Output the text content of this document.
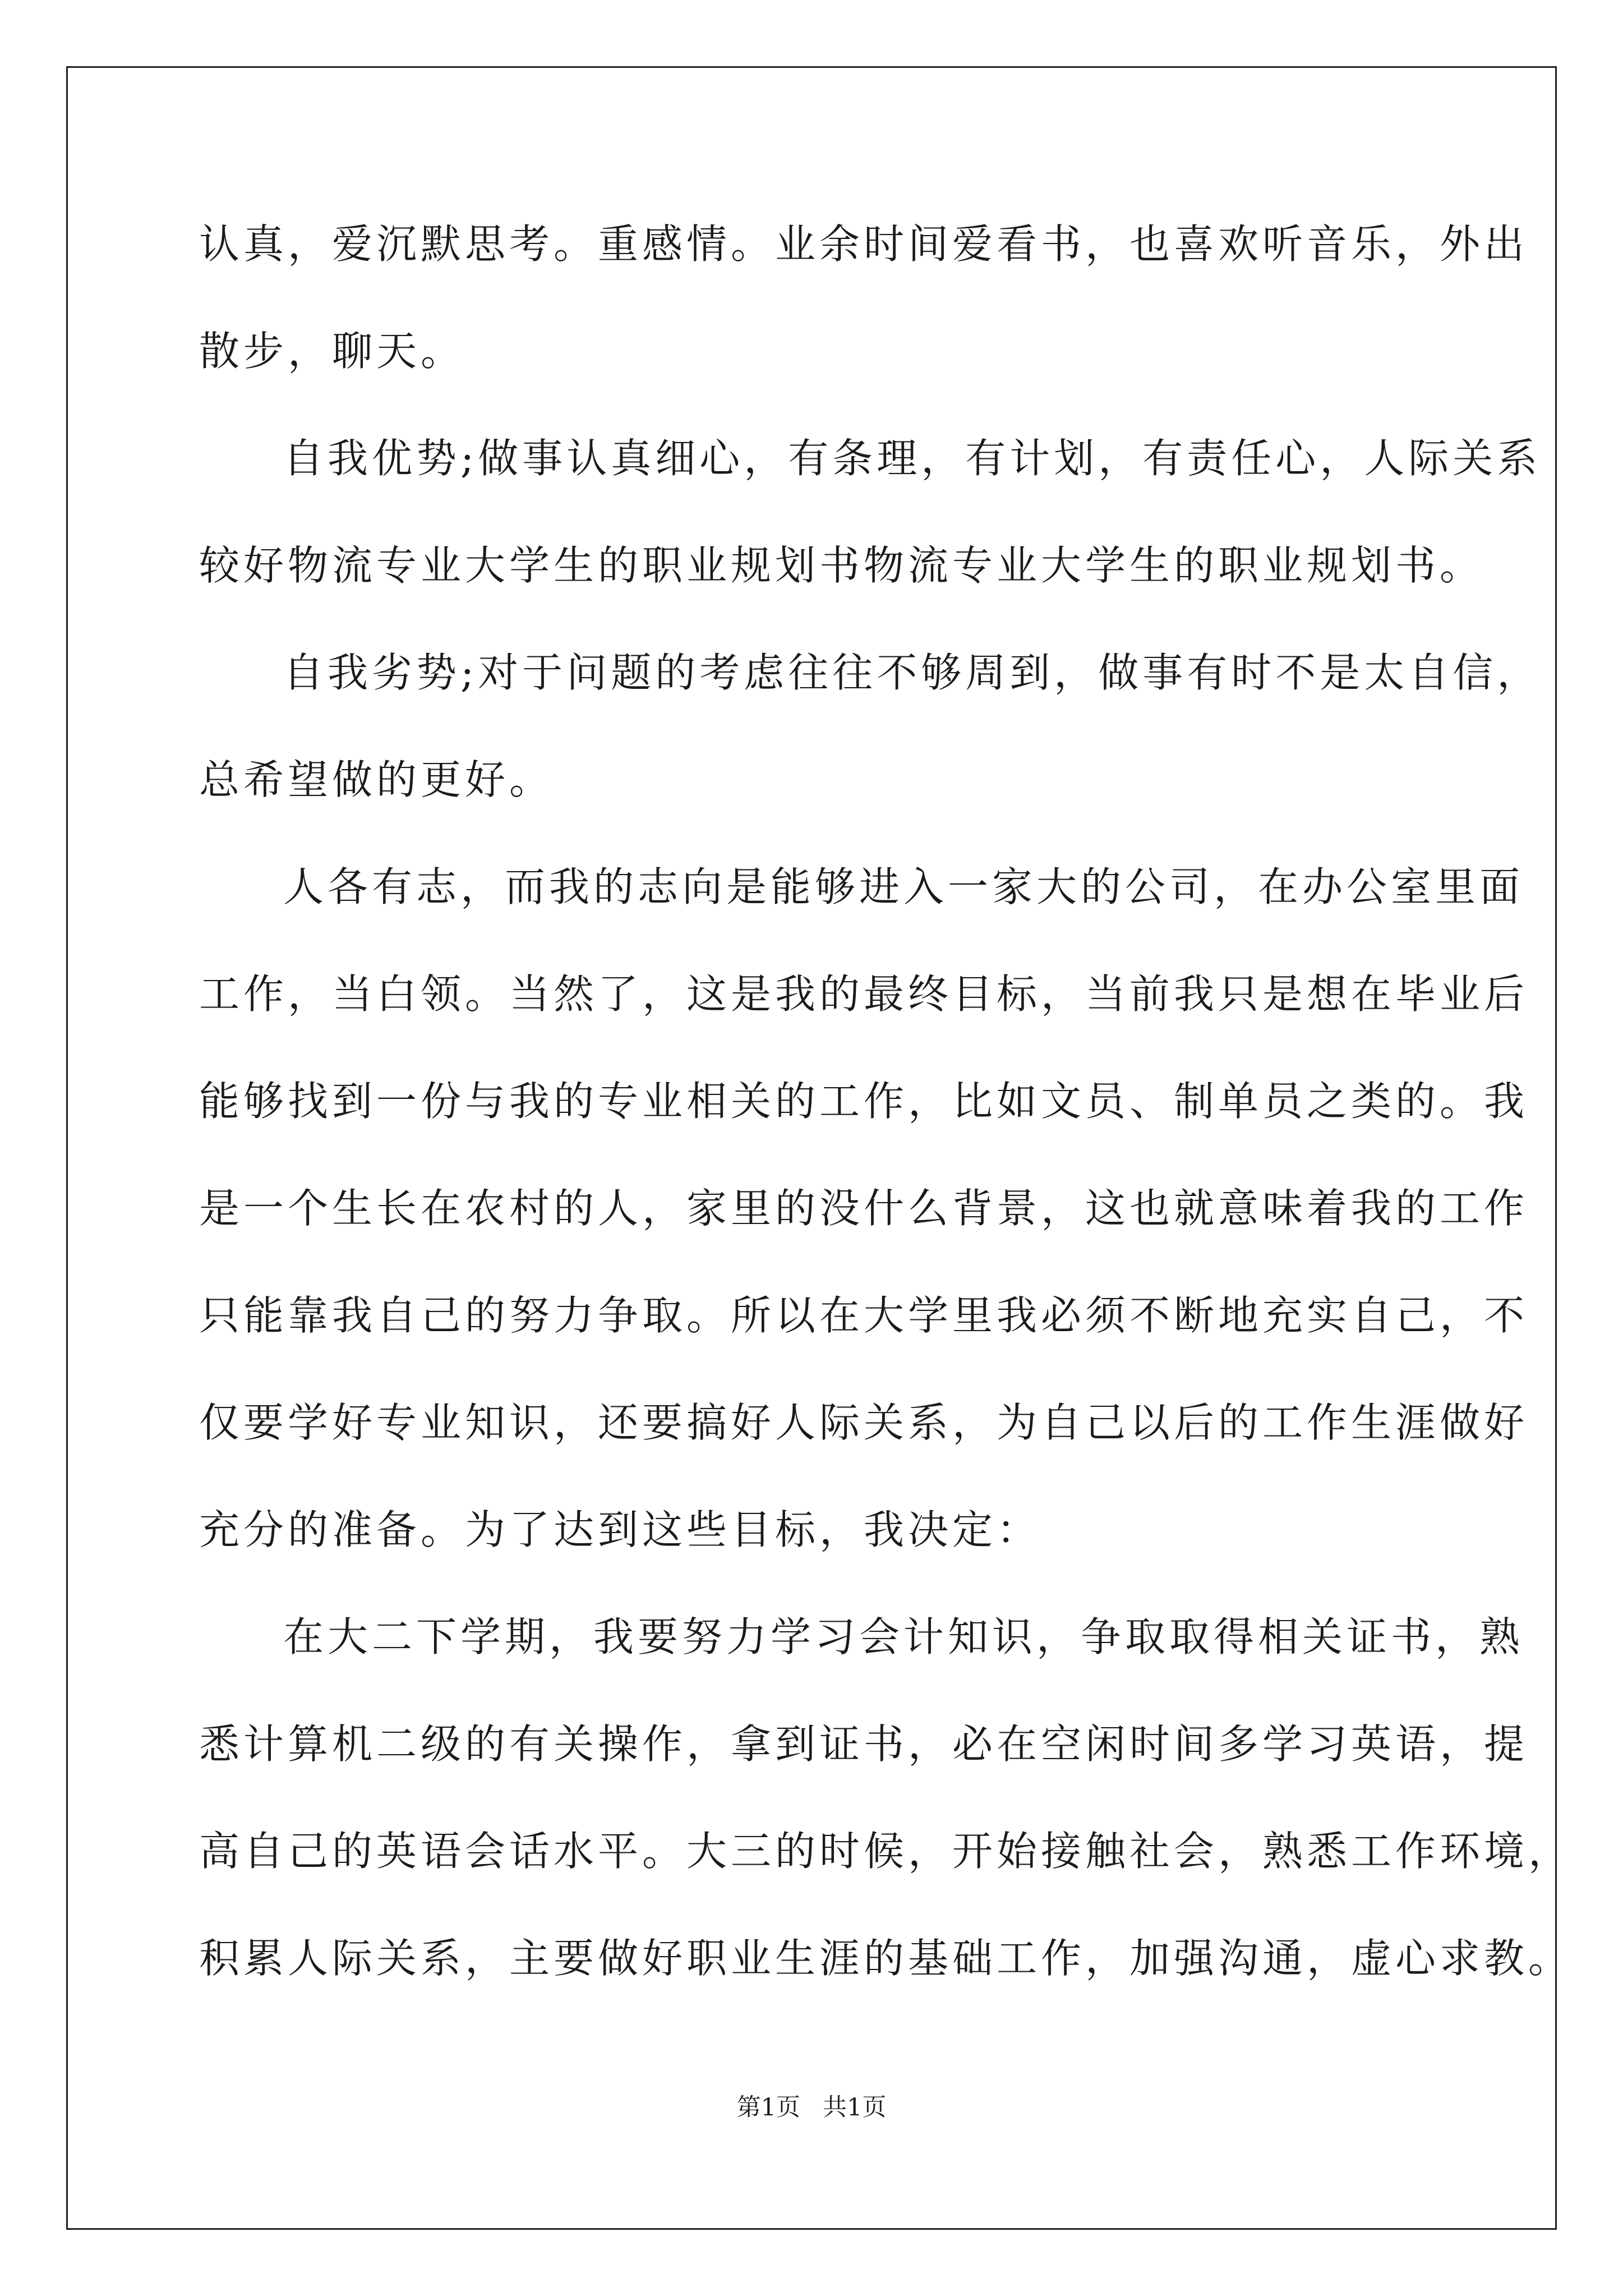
认真，爱沉默思考。重感情。业余时间爱看书，也喜欢听音乐，外出
散步，聊天。
自我优势;做事认真细心，有条理，有计划，有责任心，人际关系
较好物流专业大学生的职业规划书物流专业大学生的职业规划书。
自我劣势;对于问题的考虑往往不够周到，做事有时不是太自信，
总希望做的更好。
人各有志，而我的志向是能够进入一家大的公司，在办公室里面
工作，当白领。当然了，这是我的最终目标，当前我只是想在毕业后
能够找到一份与我的专业相关的工作，比如文员、制单员之类的。我
是一个生长在农村的人，家里的没什么背景，这也就意味着我的工作
只能靠我自己的努力争取。所以在大学里我必须不断地充实自己，不
仅要学好专业知识，还要搞好人际关系，为自己以后的工作生涯做好
充分的准备。为了达到这些目标，我决定：
在大二下学期，我要努力学习会计知识，争取取得相关证书，熟
悉计算机二级的有关操作，拿到证书，必在空闲时间多学习英语，提
高自己的英语会话水平。大三的时候，开始接触社会，熟悉工作环境，
积累人际关系，主要做好职业生涯的基础工作，加强沟通，虚心求教。
第1页 共1页
